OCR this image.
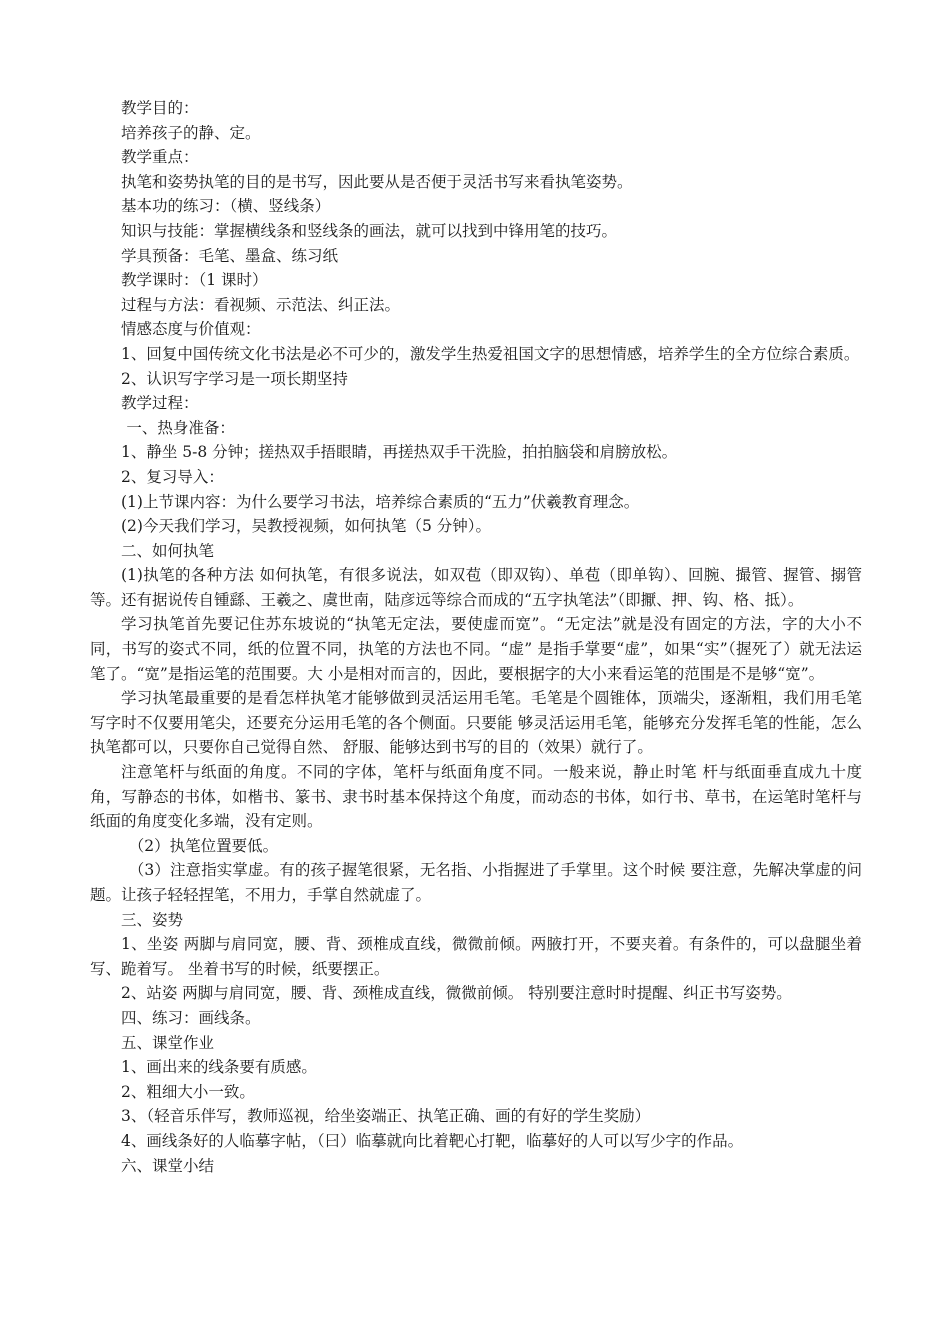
教学目的：

培养孩子的静、定。

教学重点：

执笔和姿势执笔的目的是书写，因此要从是否便于灵活书写来看执笔姿势。

基本功的练习：（横、竖线条）

知识与技能：掌握横线条和竖线条的画法，就可以找到中锋用笔的技巧。

学具预备：毛笔、墨盒、练习纸

教学课时：（1 课时）

过程与方法：看视频、示范法、纠正法。

情感态度与价值观：

1、回复中国传统文化书法是必不可少的，激发学生热爱祖国文字的思想情感，培养学生的全方位综合素质。

2、认识写字学习是一项长期坚持

教学过程：

一、热身准备：

1、静坐 5-8 分钟；搓热双手捂眼睛，再搓热双手干洗脸，拍拍脑袋和肩膀放松。

2、复习导入：

(1)上节课内容：为什么要学习书法，培养综合素质的“五力”伏羲教育理念。

(2)今天我们学习，吴教授视频，如何执笔（5 分钟）。

二、如何执笔

(1)执笔的各种方法 如何执笔，有很多说法，如双苞（即双钩）、单苞（即单钩）、回腕、撮管、握管、搦管等。还有据说传自锺繇、王羲之、虞世南，陆彦远等综合而成的“五字执笔法”（即擫、押、钩、格、抵）。

学习执笔首先要记住苏东坡说的“执笔无定法，要使虚而宽”。“无定法”就是没有固定的方法，字的大小不同，书写的姿式不同，纸的位置不同，执笔的方法也不同。“虚” 是指手掌要“虚”，如果“实”（握死了）就无法运笔了。“宽”是指运笔的范围要。大 小是相对而言的，因此，要根据字的大小来看运笔的范围是不是够“宽”。

学习执笔最重要的是看怎样执笔才能够做到灵活运用毛笔。毛笔是个圆锥体，顶端尖，逐渐粗，我们用毛笔写字时不仅要用笔尖，还要充分运用毛笔的各个侧面。只要能 够灵活运用毛笔，能够充分发挥毛笔的性能，怎么执笔都可以，只要你自己觉得自然、 舒服、能够达到书写的目的（效果）就行了。

注意笔杆与纸面的角度。不同的字体，笔杆与纸面角度不同。一般来说，静止时笔 杆与纸面垂直成九十度角，写静态的书体，如楷书、篆书、隶书时基本保持这个角度，而动态的书体，如行书、草书，在运笔时笔杆与纸面的角度变化多端，没有定则。

（2）执笔位置要低。

（3）注意指实掌虚。有的孩子握笔很紧，无名指、小指握进了手掌里。这个时候 要注意，先解决掌虚的问题。让孩子轻轻捏笔，不用力，手掌自然就虚了。

三、姿势

1、坐姿 两脚与肩同宽，腰、背、颈椎成直线，微微前倾。两腋打开，不要夹着。有条件的，可以盘腿坐着写、跪着写。 坐着书写的时候，纸要摆正。

2、站姿 两脚与肩同宽，腰、背、颈椎成直线，微微前倾。 特别要注意时时提醒、纠正书写姿势。

四、练习：画线条。

五、课堂作业

1、画出来的线条要有质感。

2、粗细大小一致。

3、（轻音乐伴写，教师巡视，给坐姿端正、执笔正确、画的有好的学生奖励）

4、画线条好的人临摹字帖，（曰）临摹就向比着靶心打靶，临摹好的人可以写少字的作品。

六、课堂小结
